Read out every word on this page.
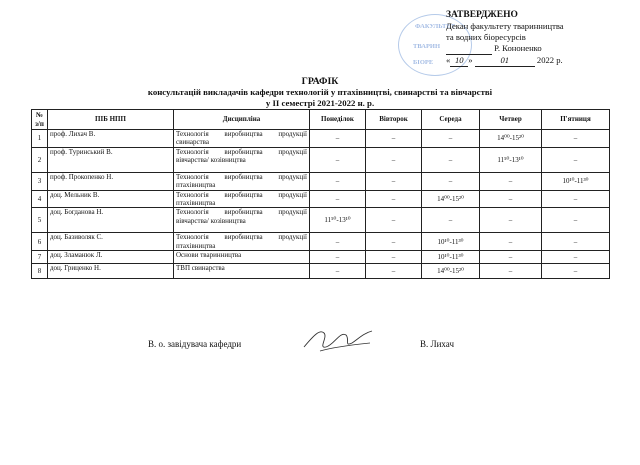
ФАКУЛЬТЕТ
ТВАРИН
БІОРЕ
ЗАТВЕРДЖЕНО
Декан факультету тваринництва
та водних біоресурсів
Р. Кононенко
« 10 »	01	2022 р.
ГРАФІК
консультацій викладачів кафедри технологій у птахівництві, свинарстві та вівчарстві
у ІІ семестрі 2021-2022 н. р.
№ з/п	ПІБ НПП	Дисципліна	Понеділок	Вівторок	Середа	Четвер	П'ятниця
1	проф. Лихач В.	Технологія виробництва продукції свинарства	–	–	–	14⁰⁰-15²⁰	–
2	проф. Туринський В.	Технологія виробництва продукції вівчарства/ козівництва	–	–	–	11⁵⁰-13¹⁰	–
3	проф. Прокопенко Н.	Технологія виробництва продукції птахівництва	–	–	–	–	10¹⁰-11³⁰
4	доц. Мельник В.	Технологія виробництва продукції птахівництва	–	–	14⁰⁰-15²⁰	–	–
5	доц. Богданова Н.	Технологія виробництва продукції вівчарства/ козівництва	11⁵⁰-13¹⁰	–	–	–	–
6	доц. Базиволяк С.	Технологія виробництва продукції птахівництва	–	–	10¹⁰-11³⁰	–	–
7	доц. Зламанюк Л.	Основи тваринництва	–	–	10¹⁰-11³⁰	–	–
8	доц. Гриценко Н.	ТВП свинарства	–	–	14⁰⁰-15²⁰	–	–
В. о. завідувача кафедри	В. Лихач
